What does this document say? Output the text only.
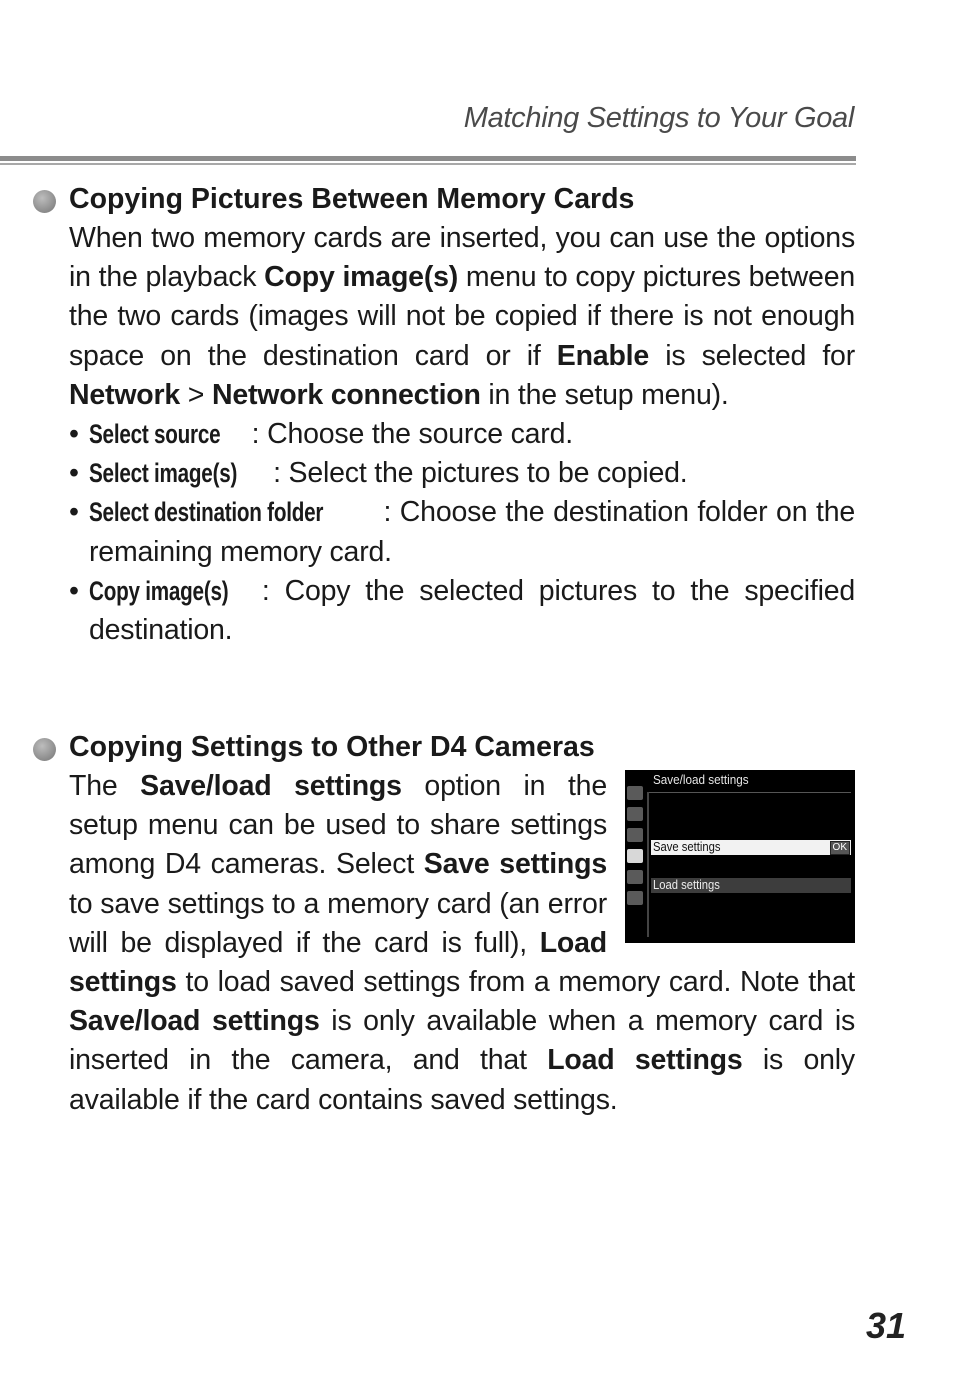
Matching Settings to Your Goal
Copying Pictures Between Memory Cards

When two memory cards are inserted, you can use the options in the playback Copy image(s) menu to copy pictures between the two cards (images will not be copied if there is not enough space on the destination card or if Enable is selected for Network > Network connection in the setup menu).

• Select source : Choose the source card.
• Select image(s) : Select the pictures to be copied.
• Select destination folder : Choose the destination folder on the remaining memory card.
• Copy image(s) : Copy the selected pictures to the specified destination.
Copying Settings to Other D4 Cameras
Save/load settings
Save settings	OK
Load settings

The Save/load settings option in the setup menu can be used to share settings among D4 cameras. Select Save settings to save settings to a memory card (an error will be displayed if the card is full), Load settings to load saved settings from a memory card. Note that Save/load settings is only available when a memory card is inserted in the camera, and that Load settings is only available if the card contains saved settings.

31
